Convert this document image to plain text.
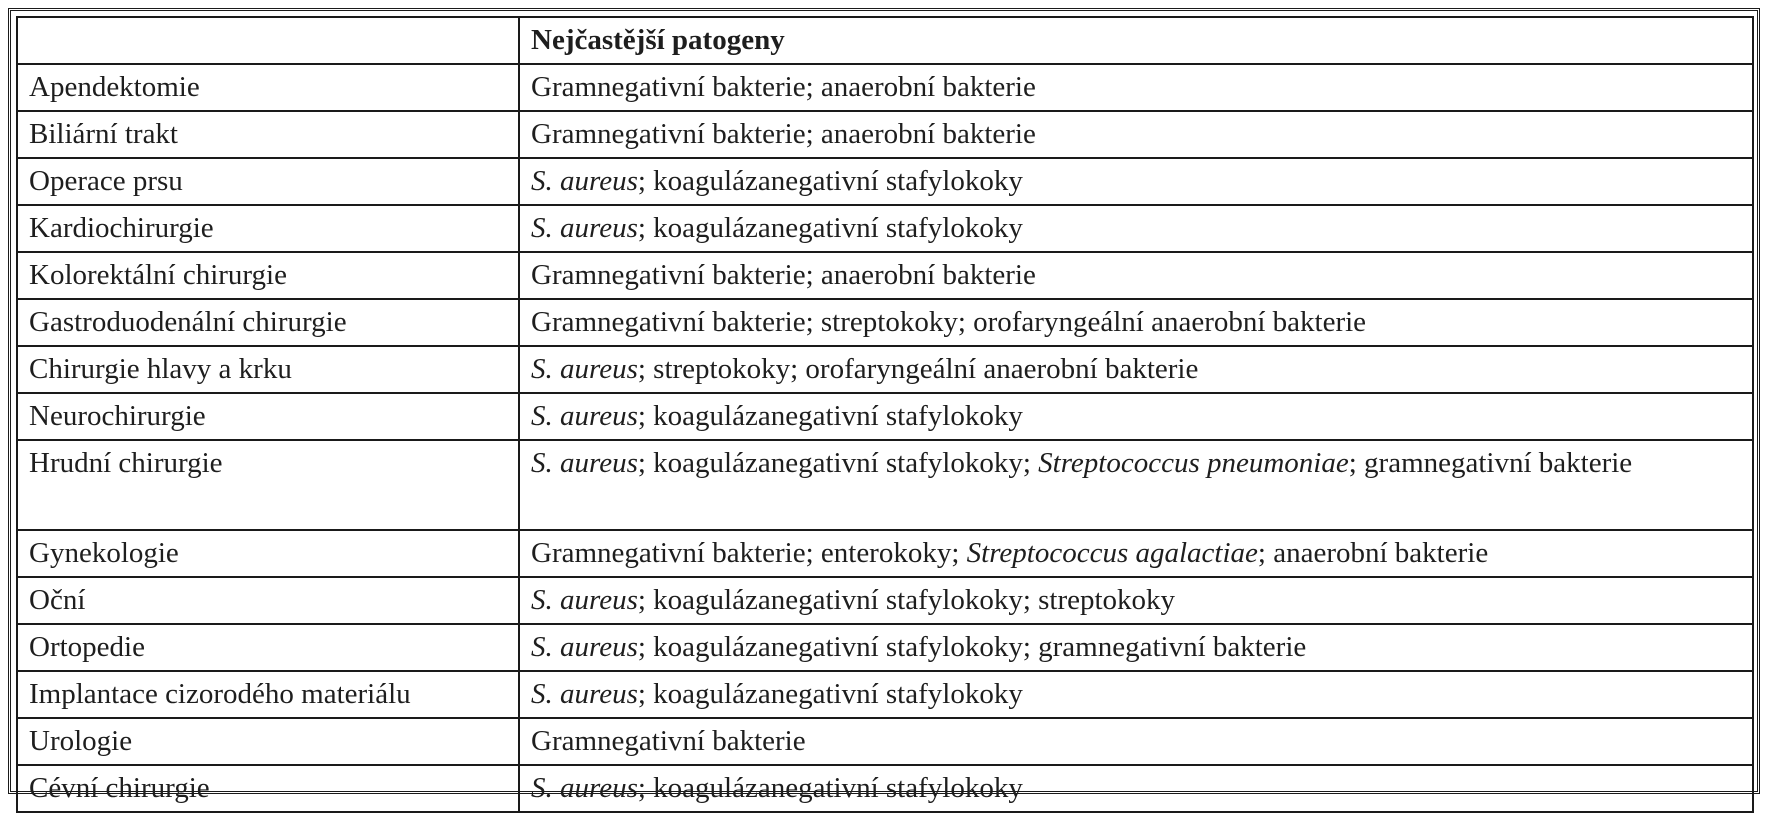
	Nejčastější patogeny
Apendektomie	Gramnegativní bakterie; anaerobní bakterie
Biliární trakt	Gramnegativní bakterie; anaerobní bakterie
Operace prsu	S. aureus; koagulázanegativní stafylokoky
Kardiochirurgie	S. aureus; koagulázanegativní stafylokoky
Kolorektální chirurgie	Gramnegativní bakterie; anaerobní bakterie
Gastroduodenální chirurgie	Gramnegativní bakterie; streptokoky; orofaryngeální anaerobní bakterie
Chirurgie hlavy a krku	S. aureus; streptokoky; orofaryngeální anaerobní bakterie
Neurochirurgie	S. aureus; koagulázanegativní stafylokoky
Hrudní chirurgie	S. aureus; koagulázanegativní stafylokoky; Streptococcus pneumoniae; gramnegativní bakterie
Gynekologie	Gramnegativní bakterie; enterokoky; Streptococcus agalactiae; anaerobní bakterie
Oční	S. aureus; koagulázanegativní stafylokoky; streptokoky
Ortopedie	S. aureus; koagulázanegativní stafylokoky; gramnegativní bakterie
Implantace cizorodého materiálu	S. aureus; koagulázanegativní stafylokoky
Urologie	Gramnegativní bakterie
Cévní chirurgie	S. aureus; koagulázanegativní stafylokoky
